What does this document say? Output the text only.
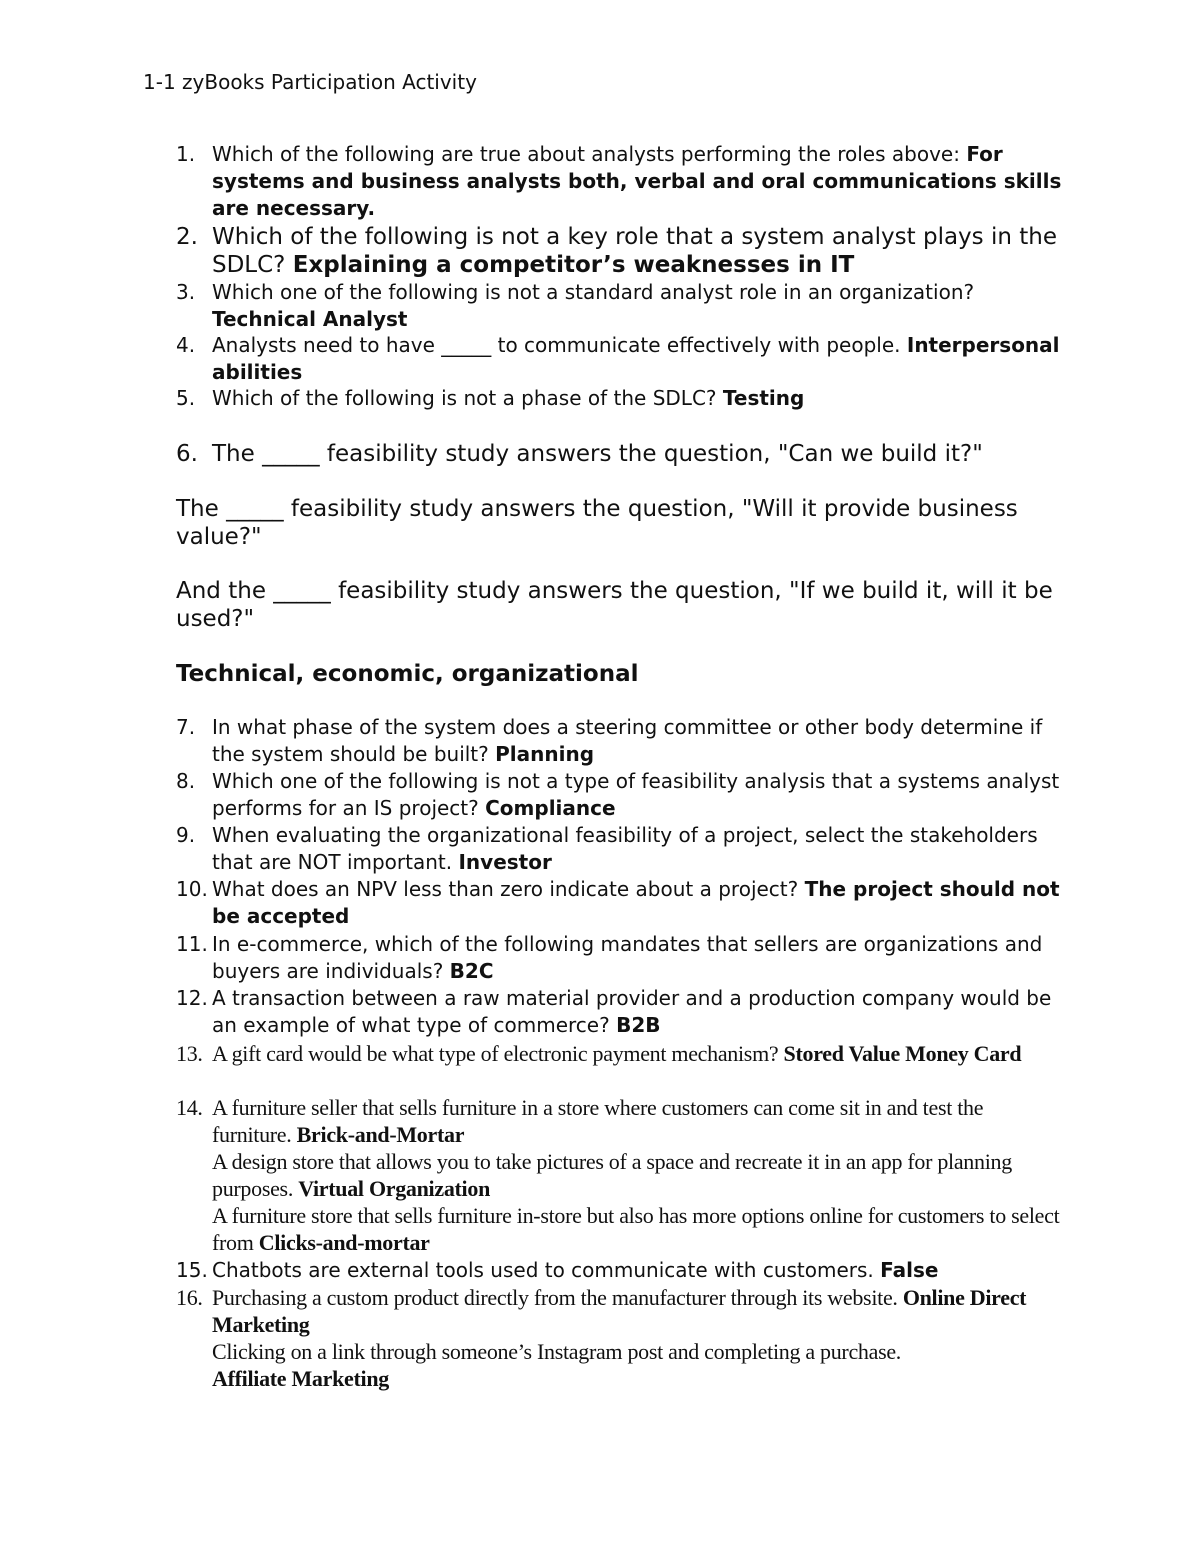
1-1 zyBooks Participation Activity
1. Which of the following are true about analysts performing the roles above: For systems and business analysts both, verbal and oral communications skills are necessary.
2. Which of the following is not a key role that a system analyst plays in the SDLC? Explaining a competitor’s weaknesses in IT
3. Which one of the following is not a standard analyst role in an organization? Technical Analyst
4. Analysts need to have _____ to communicate effectively with people. Interpersonal abilities
5. Which of the following is not a phase of the SDLC? Testing
6. The _____ feasibility study answers the question, "Can we build it?"
The _____ feasibility study answers the question, "Will it provide business value?"
And the _____ feasibility study answers the question, "If we build it, will it be used?"
Technical, economic, organizational
7. In what phase of the system does a steering committee or other body determine if the system should be built? Planning
8. Which one of the following is not a type of feasibility analysis that a systems analyst performs for an IS project? Compliance
9. When evaluating the organizational feasibility of a project, select the stakeholders that are NOT important. Investor
10. What does an NPV less than zero indicate about a project? The project should not be accepted
11. In e-commerce, which of the following mandates that sellers are organizations and buyers are individuals? B2C
12. A transaction between a raw material provider and a production company would be an example of what type of commerce? B2B
13. A gift card would be what type of electronic payment mechanism? Stored Value Money Card
14. A furniture seller that sells furniture in a store where customers can come sit in and test the furniture. Brick-and-Mortar
A design store that allows you to take pictures of a space and recreate it in an app for planning purposes. Virtual Organization
A furniture store that sells furniture in-store but also has more options online for customers to select from Clicks-and-mortar
15. Chatbots are external tools used to communicate with customers. False
16. Purchasing a custom product directly from the manufacturer through its website. Online Direct Marketing
Clicking on a link through someone’s Instagram post and completing a purchase.
Affiliate Marketing
